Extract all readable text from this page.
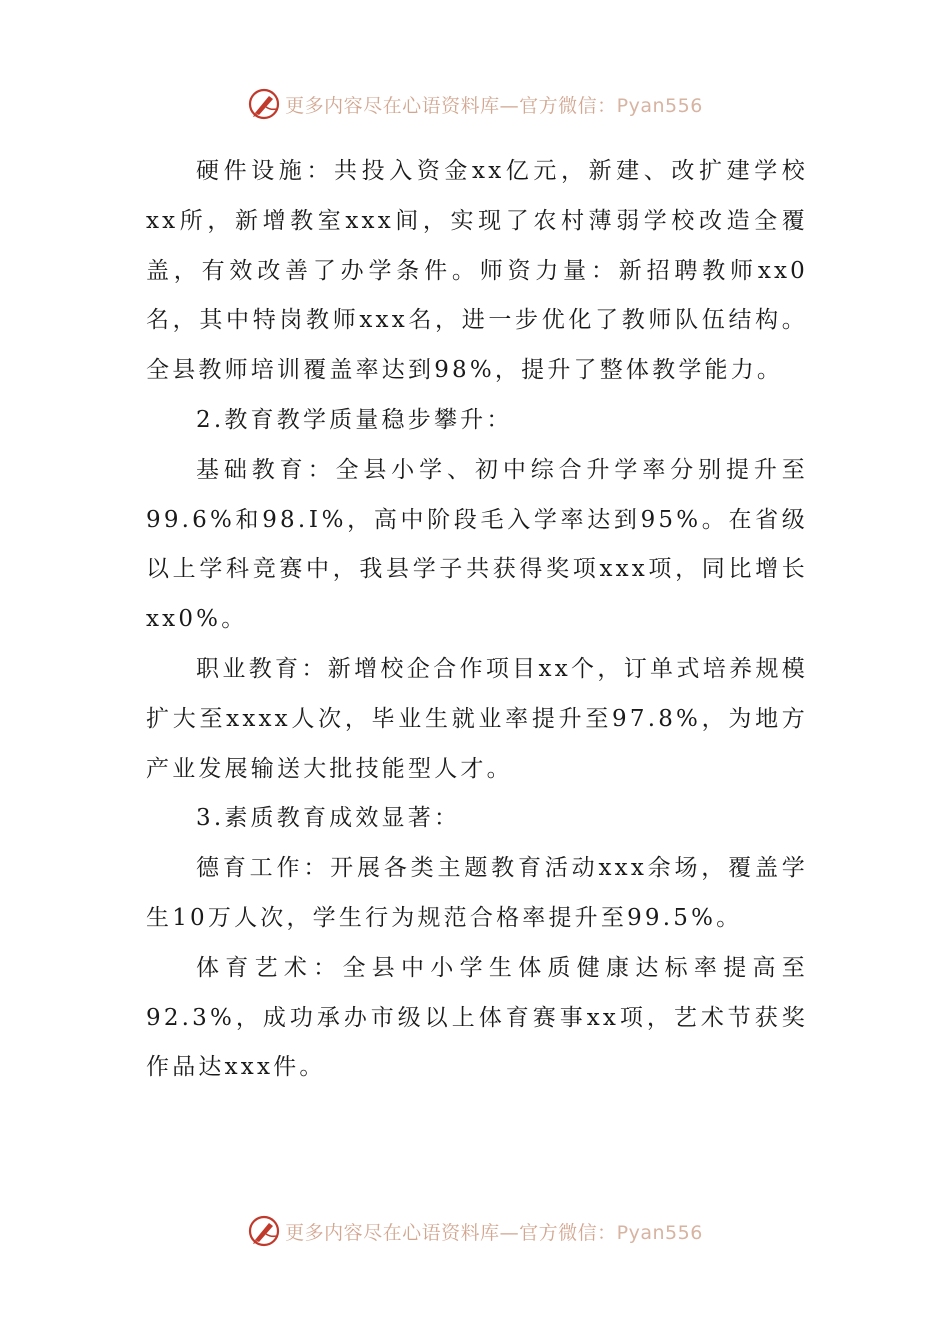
更多内容尽在心语资料库—官方微信：Pyan556

硬件设施：共投入资金xx亿元，新建、改扩建学校xx所，新增教室xxx间，实现了农村薄弱学校改造全覆盖，有效改善了办学条件。师资力量：新招聘教师xx0名，其中特岗教师xxx名，进一步优化了教师队伍结构。全县教师培训覆盖率达到98%，提升了整体教学能力。

2.教育教学质量稳步攀升：

基础教育：全县小学、初中综合升学率分别提升至99.6%和98.Ⅰ%，高中阶段毛入学率达到95%。在省级以上学科竞赛中，我县学子共获得奖项xxx项，同比增长xx0%。

职业教育：新增校企合作项目xx个，订单式培养规模扩大至xxxx人次，毕业生就业率提升至97.8%，为地方产业发展输送大批技能型人才。

3.素质教育成效显著：

德育工作：开展各类主题教育活动xxx余场，覆盖学生10万人次，学生行为规范合格率提升至99.5%。

体育艺术：全县中小学生体质健康达标率提高至92.3%，成功承办市级以上体育赛事xx项，艺术节获奖作品达xxx件。

更多内容尽在心语资料库—官方微信：Pyan556
